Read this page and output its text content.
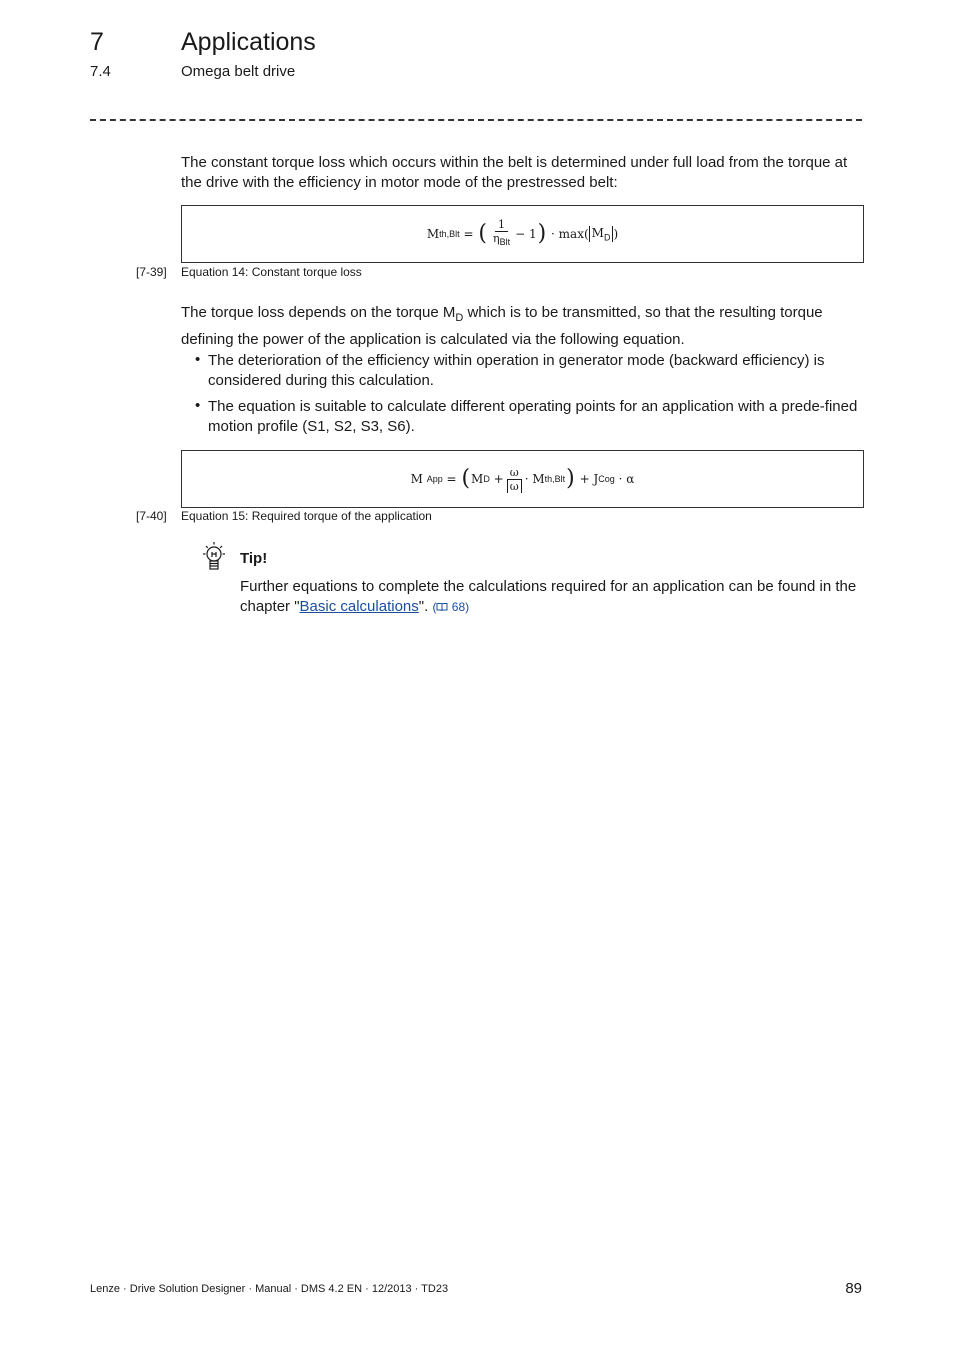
7	Applications
7.4	Omega belt drive
The constant torque loss which occurs within the belt is determined under full load from the torque at the drive with the efficiency in motor mode of the prestressed belt:
M th,Blt
=
( $\frac{1}{\eta_{Blt}} - 1$ )
·
max( $M_D$ )
[7-39] Equation 14: Constant torque loss
The torque loss depends on the torque $M_D$ which is to be transmitted, so that the resulting torque defining the power of the application is calculated via the following equation.
• The deterioration of the efficiency within operation in generator mode (backward efficiency) is considered during this calculation.
• The equation is suitable to calculate different operating points for an application with a prede-fined motion profile (S1, S2, S3, S6).
M
App
=
( M D
+ $\frac{\omega}{\omega}$ ·
M th,Blt )
+
J Cog
·
α
[7-40] Equation 15: Required torque of the application
Tip!
Further equations to complete the calculations required for an application can be found in the chapter "Basic calculations". ( 68)
Lenze · Drive Solution Designer · Manual · DMS 4.2 EN · 12/2013 · TD23	89
